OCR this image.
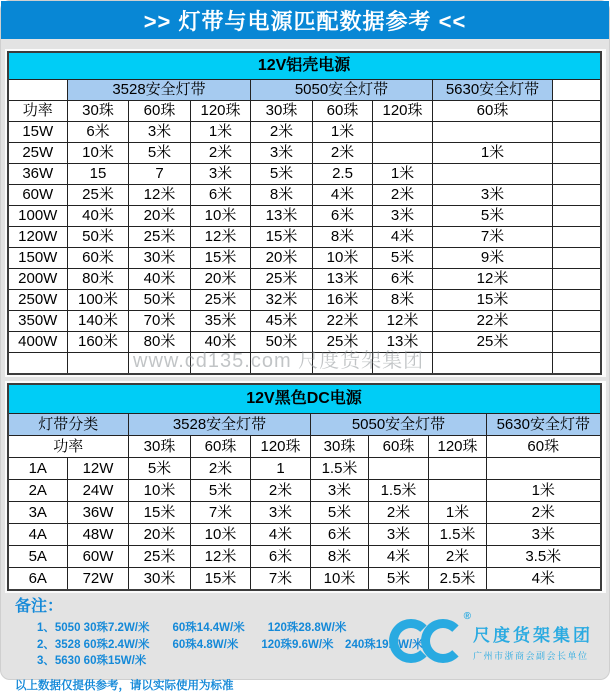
>> 灯带与电源匹配数据参考 <<
12V铝壳电源								
	3528安全灯带			5050安全灯带			5630安全灯带	
功率	30珠	60珠	120珠	30珠	60珠	120珠	60珠	
15W	6米	3米	1米	2米	1米			
25W	10米	5米	2米	3米	2米		1米	
36W	15	7	3米	5米	2.5	1米		
60W	25米	12米	6米	8米	4米	2米	3米	
100W	40米	20米	10米	13米	6米	3米	5米	
120W	50米	25米	12米	15米	8米	4米	7米	
150W	60米	30米	15米	20米	10米	5米	9米	
200W	80米	40米	20米	25米	13米	6米	12米	
250W	100米	50米	25米	32米	16米	8米	15米	
350W	140米	70米	35米	45米	22米	12米	22米	
400W	160米	80米	40米	50米	25米	13米	25米	

12V黑色DC电源								
灯带分类		3528安全灯带			5050安全灯带			5630安全灯带
功率		30珠	60珠	120珠	30珠	60珠	120珠	60珠
1A	12W	5米	2米	1	1.5米			
2A	24W	10米	5米	2米	3米	1.5米		1米
3A	36W	15米	7米	3米	5米	2米	1米	2米
4A	48W	20米	10米	4米	6米	3米	1.5米	3米
5A	60W	25米	12米	6米	8米	4米	2米	3.5米
6A	72W	30米	15米	7米	10米	5米	2.5米	4米
www.cd135.com 尺度货架集团
备注：
1、5050 30珠7.2W/米　　60珠14.4W/米　　120珠28.8W/米
2、3528 60珠2.4W/米　　60珠4.8W/米　　120珠9.6W/米　240珠19.2W/米
3、5630 60珠15W/米
以上数据仅提供参考，请以实际使用为标准
®
尺度货架集团
广州市浙商会副会长单位
